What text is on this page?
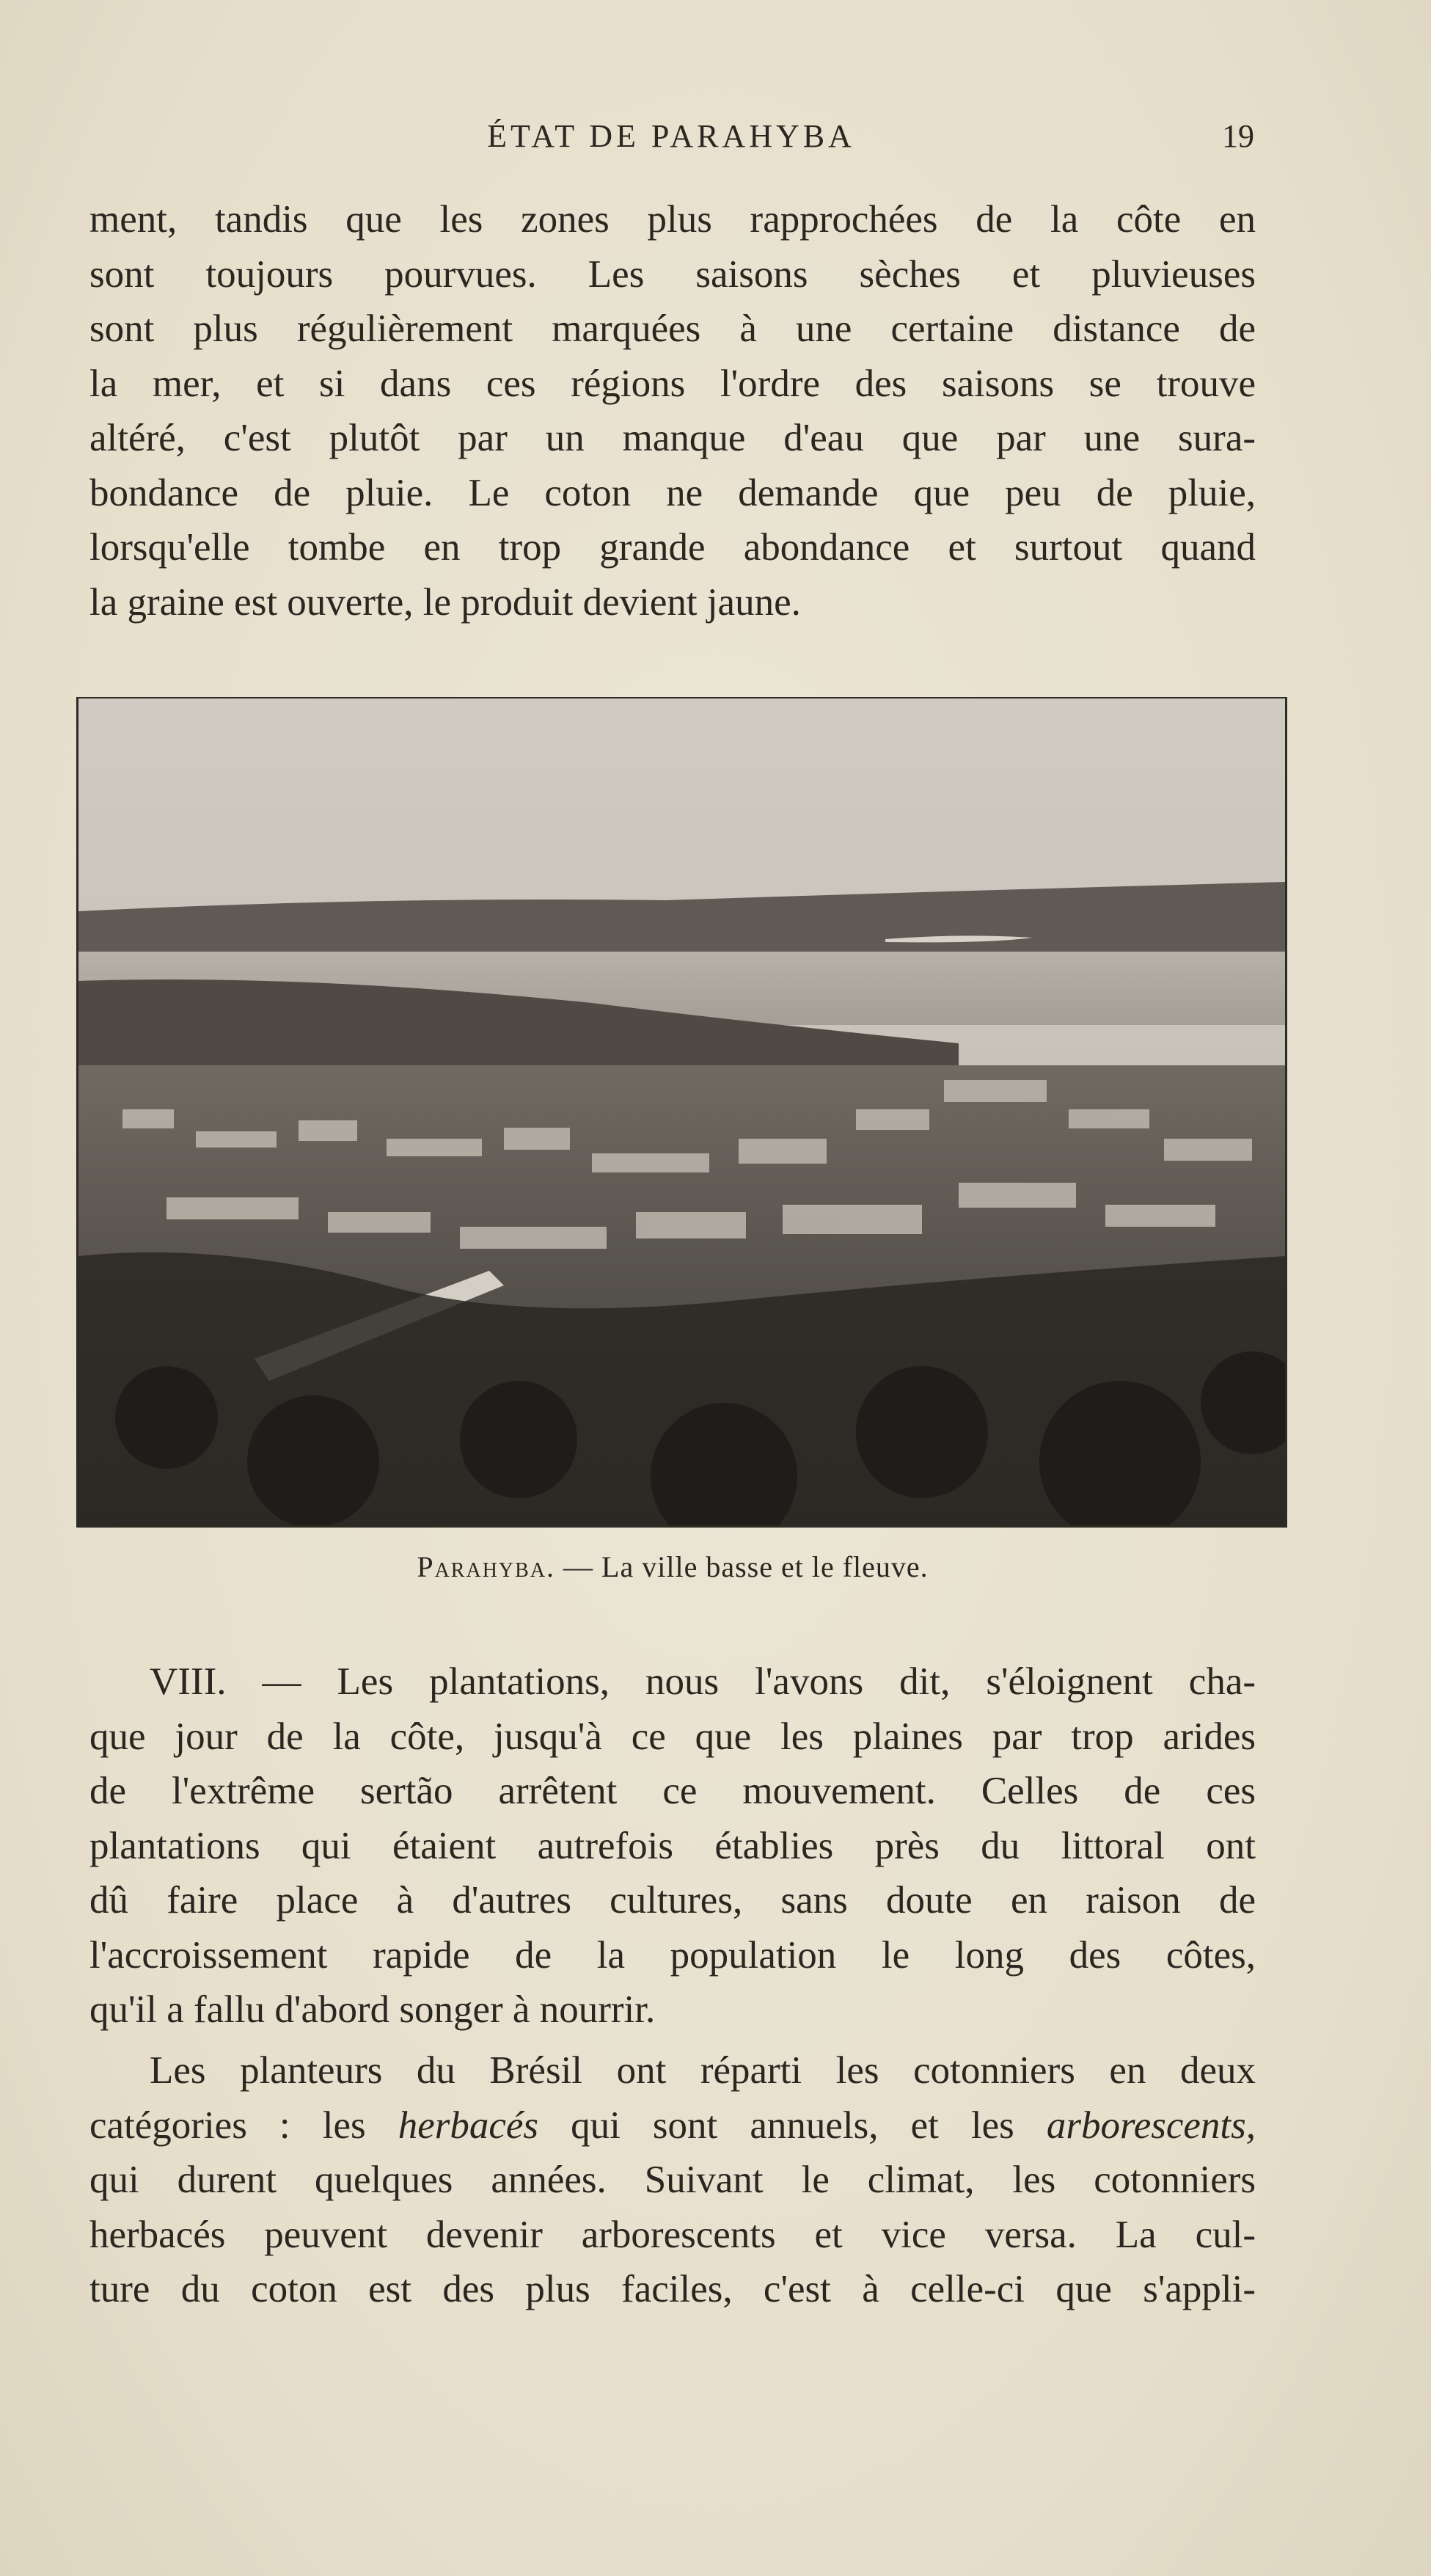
ÉTAT DE PARAHYBA	19
ment, tandis que les zones plus rapprochées de la côte en
sont toujours pourvues. Les saisons sèches et pluvieuses
sont plus régulièrement marquées à une certaine distance de
la mer, et si dans ces régions l'ordre des saisons se trouve
altéré, c'est plutôt par un manque d'eau que par une sura-
bondance de pluie. Le coton ne demande que peu de pluie,
lorsqu'elle tombe en trop grande abondance et surtout quand
la graine est ouverte, le produit devient jaune.
Parahyba. — La ville basse et le fleuve.
VIII. — Les plantations, nous l'avons dit, s'éloignent cha-
que jour de la côte, jusqu'à ce que les plaines par trop arides
de l'extrême sertão arrêtent ce mouvement. Celles de ces
plantations qui étaient autrefois établies près du littoral ont
dû faire place à d'autres cultures, sans doute en raison de
l'accroissement rapide de la population le long des côtes,
qu'il a fallu d'abord songer à nourrir.
Les planteurs du Brésil ont réparti les cotonniers en deux
catégories : les herbacés qui sont annuels, et les arborescents,
qui durent quelques années. Suivant le climat, les cotonniers
herbacés peuvent devenir arborescents et vice versa. La cul-
ture du coton est des plus faciles, c'est à celle-ci que s'appli-
